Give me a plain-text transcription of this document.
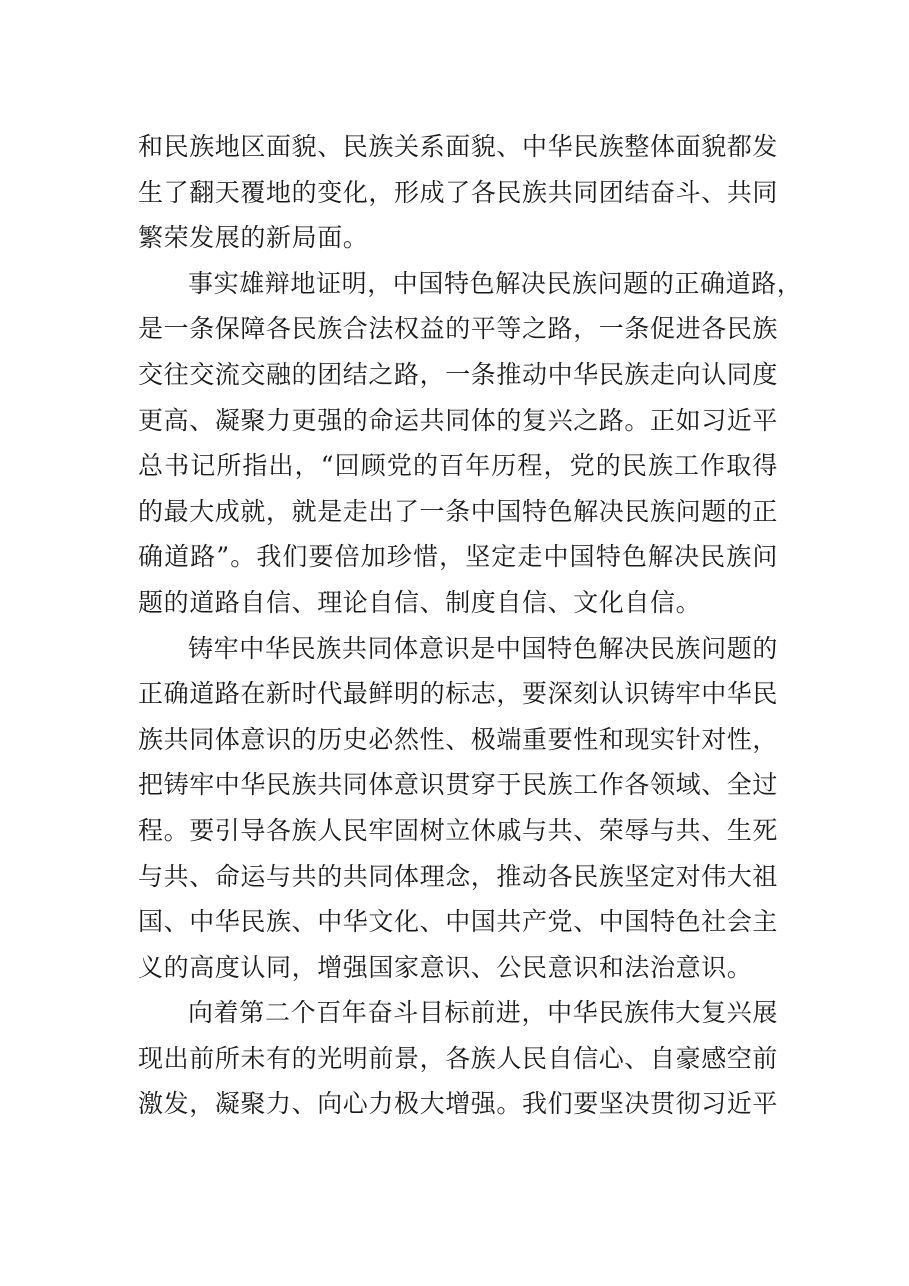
和民族地区面貌、民族关系面貌、中华民族整体面貌都发
生了翻天覆地的变化，形成了各民族共同团结奋斗、共同
繁荣发展的新局面。
事实雄辩地证明，中国特色解决民族问题的正确道路，
是一条保障各民族合法权益的平等之路，一条促进各民族
交往交流交融的团结之路，一条推动中华民族走向认同度
更高、凝聚力更强的命运共同体的复兴之路。正如习近平
总书记所指出，“回顾党的百年历程，党的民族工作取得
的最大成就，就是走出了一条中国特色解决民族问题的正
确道路”。我们要倍加珍惜，坚定走中国特色解决民族问
题的道路自信、理论自信、制度自信、文化自信。
铸牢中华民族共同体意识是中国特色解决民族问题的
正确道路在新时代最鲜明的标志，要深刻认识铸牢中华民
族共同体意识的历史必然性、极端重要性和现实针对性，
把铸牢中华民族共同体意识贯穿于民族工作各领域、全过
程。要引导各族人民牢固树立休戚与共、荣辱与共、生死
与共、命运与共的共同体理念，推动各民族坚定对伟大祖
国、中华民族、中华文化、中国共产党、中国特色社会主
义的高度认同，增强国家意识、公民意识和法治意识。
向着第二个百年奋斗目标前进，中华民族伟大复兴展
现出前所未有的光明前景，各族人民自信心、自豪感空前
激发，凝聚力、向心力极大增强。我们要坚决贯彻习近平
